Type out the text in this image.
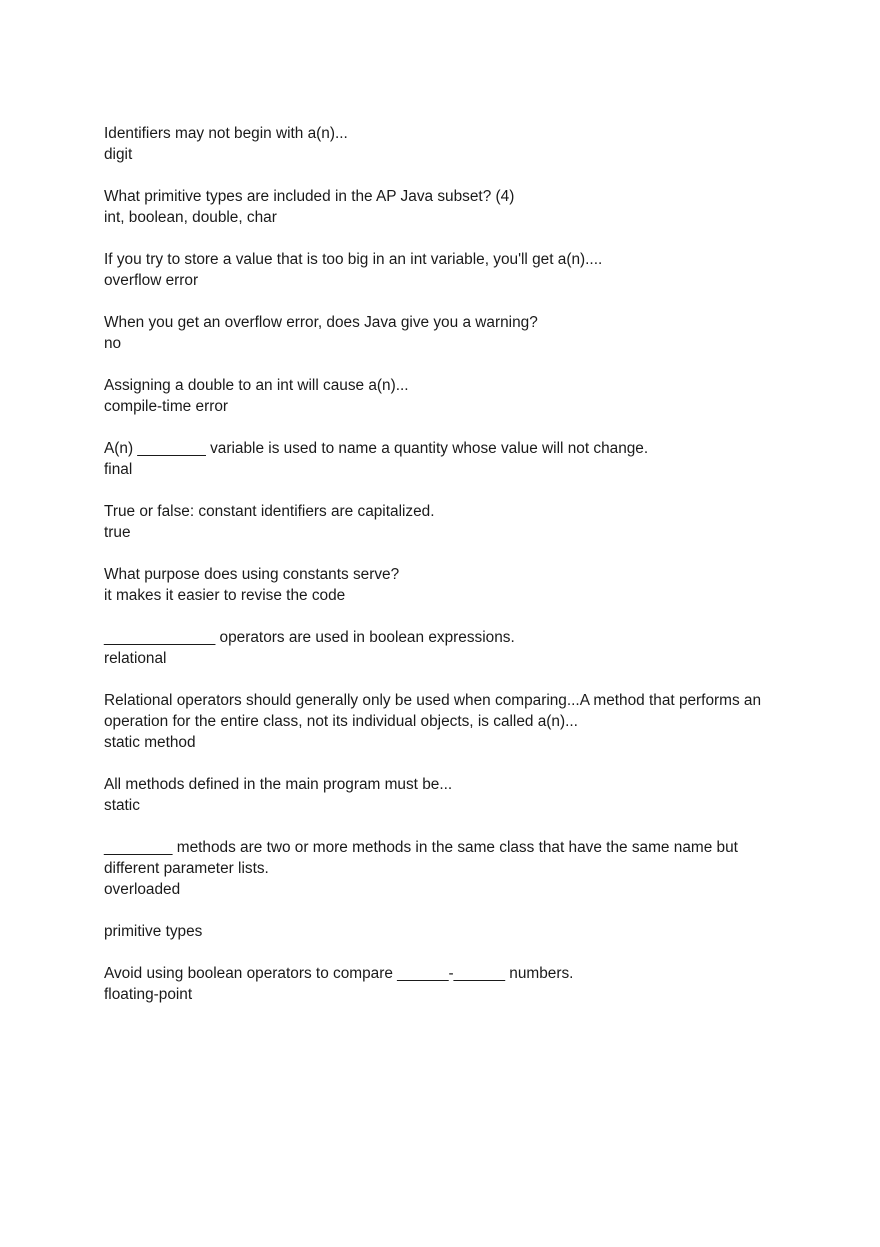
Identifiers may not begin with a(n)...
digit
What primitive types are included in the AP Java subset? (4)
int, boolean, double, char
If you try to store a value that is too big in an int variable, you'll get a(n)....
overflow error
When you get an overflow error, does Java give you a warning?
no
Assigning a double to an int will cause a(n)...
compile-time error
A(n) ________ variable is used to name a quantity whose value will not change.
final
True or false: constant identifiers are capitalized.
true
What purpose does using constants serve?
it makes it easier to revise the code
_____________ operators are used in boolean expressions.
relational
Relational operators should generally only be used when comparing...A method that performs an operation for the entire class, not its individual objects, is called a(n)...
static method
All methods defined in the main program must be...
static
________ methods are two or more methods in the same class that have the same name but different parameter lists.
overloaded
primitive types
Avoid using boolean operators to compare ______-______ numbers.
floating-point
